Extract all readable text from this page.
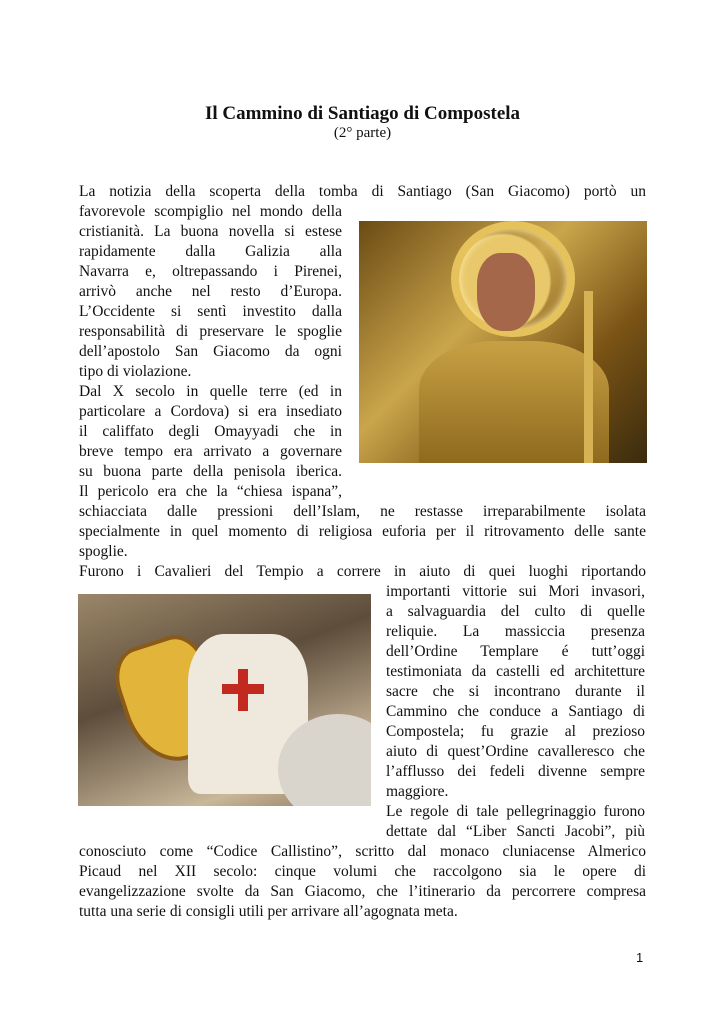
Il Cammino di Santiago di Compostela
(2° parte)
La notizia della scoperta della tomba di Santiago (San Giacomo) portò un
favorevole scompiglio nel mondo della
cristianità. La buona novella si estese
rapidamente dalla Galizia alla
Navarra e, oltrepassando i Pirenei,
arrivò anche nel resto d’Europa.
L’Occidente si sentì investito dalla
responsabilità di preservare le spoglie
dell’apostolo San Giacomo da ogni
tipo di violazione.
Dal X secolo in quelle terre (ed in
particolare a Cordova) si era insediato
il califfato degli Omayyadi che in
breve tempo era arrivato a governare
su buona parte della penisola iberica.
Il pericolo era che la “chiesa ispana”,
schiacciata dalle pressioni dell’Islam, ne restasse irreparabilmente isolata
specialmente in quel momento di religiosa euforia per il ritrovamento delle sante
spoglie.
Furono i Cavalieri del Tempio a correre in aiuto di quei luoghi riportando
importanti vittorie sui Mori invasori,
a salvaguardia del culto di quelle
reliquie. La massiccia presenza
dell’Ordine Templare é tutt’oggi
testimoniata da castelli ed architetture
sacre che si incontrano durante il
Cammino che conduce a Santiago di
Compostela; fu grazie al prezioso
aiuto di quest’Ordine cavalleresco che
l’afflusso dei fedeli divenne sempre
maggiore.
Le regole di tale pellegrinaggio furono
dettate dal “Liber Sancti Jacobi”, più
conosciuto come “Codice Callistino”, scritto dal monaco cluniacense Almerico
Picaud nel XII secolo: cinque volumi che raccolgono sia le opere di
evangelizzazione svolte da San Giacomo, che l’itinerario da percorrere compresa
tutta una serie di consigli utili per arrivare all’agognata meta.
1
